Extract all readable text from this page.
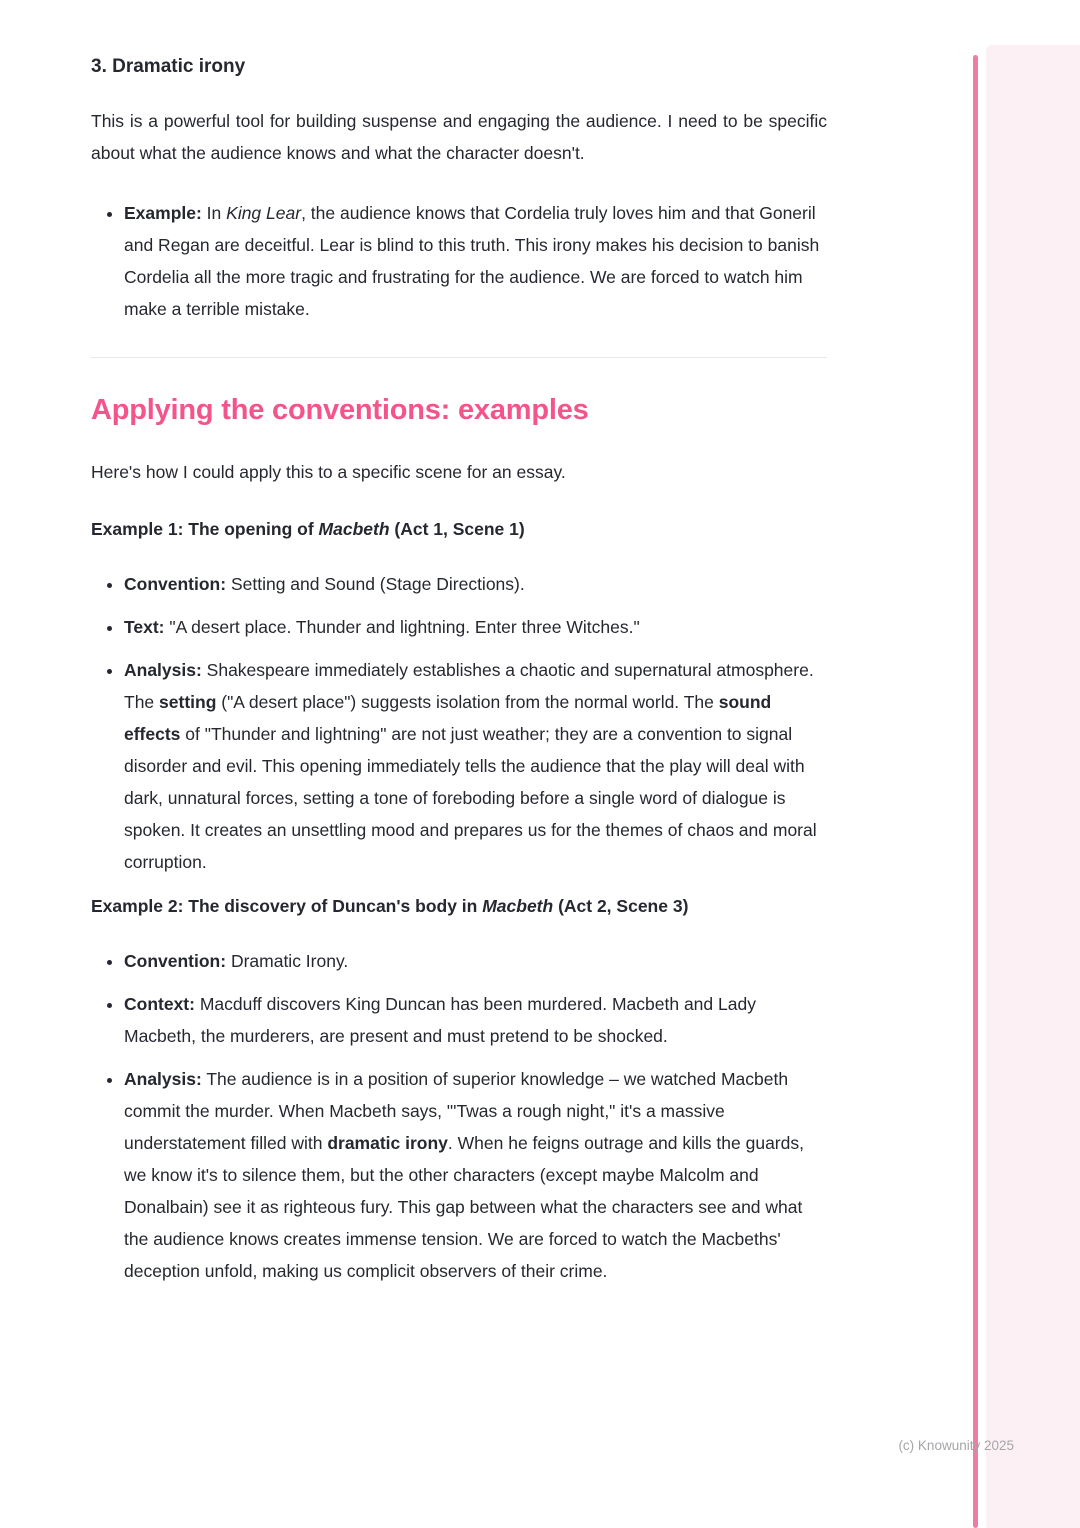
3. Dramatic irony

This is a powerful tool for building suspense and engaging the audience. I need to be specific about what the audience knows and what the character doesn't.

• Example: In King Lear, the audience knows that Cordelia truly loves him and that Goneril and Regan are deceitful. Lear is blind to this truth. This irony makes his decision to banish Cordelia all the more tragic and frustrating for the audience. We are forced to watch him make a terrible mistake.
Applying the conventions: examples

Here's how I could apply this to a specific scene for an essay.

Example 1: The opening of Macbeth (Act 1, Scene 1)
• Convention: Setting and Sound (Stage Directions).
• Text: "A desert place. Thunder and lightning. Enter three Witches."
• Analysis: Shakespeare immediately establishes a chaotic and supernatural atmosphere. The setting ("A desert place") suggests isolation from the normal world. The sound effects of "Thunder and lightning" are not just weather; they are a convention to signal disorder and evil. This opening immediately tells the audience that the play will deal with dark, unnatural forces, setting a tone of foreboding before a single word of dialogue is spoken. It creates an unsettling mood and prepares us for the themes of chaos and moral corruption.
Example 2: The discovery of Duncan's body in Macbeth (Act 2, Scene 3)
• Convention: Dramatic Irony.
• Context: Macduff discovers King Duncan has been murdered. Macbeth and Lady Macbeth, the murderers, are present and must pretend to be shocked.
• Analysis: The audience is in a position of superior knowledge – we watched Macbeth commit the murder. When Macbeth says, "'Twas a rough night," it's a massive understatement filled with dramatic irony. When he feigns outrage and kills the guards, we know it's to silence them, but the other characters (except maybe Malcolm and Donalbain) see it as righteous fury. This gap between what the characters see and what the audience knows creates immense tension. We are forced to watch the Macbeths' deception unfold, making us complicit observers of their crime.
(c) Knowunity 2025
